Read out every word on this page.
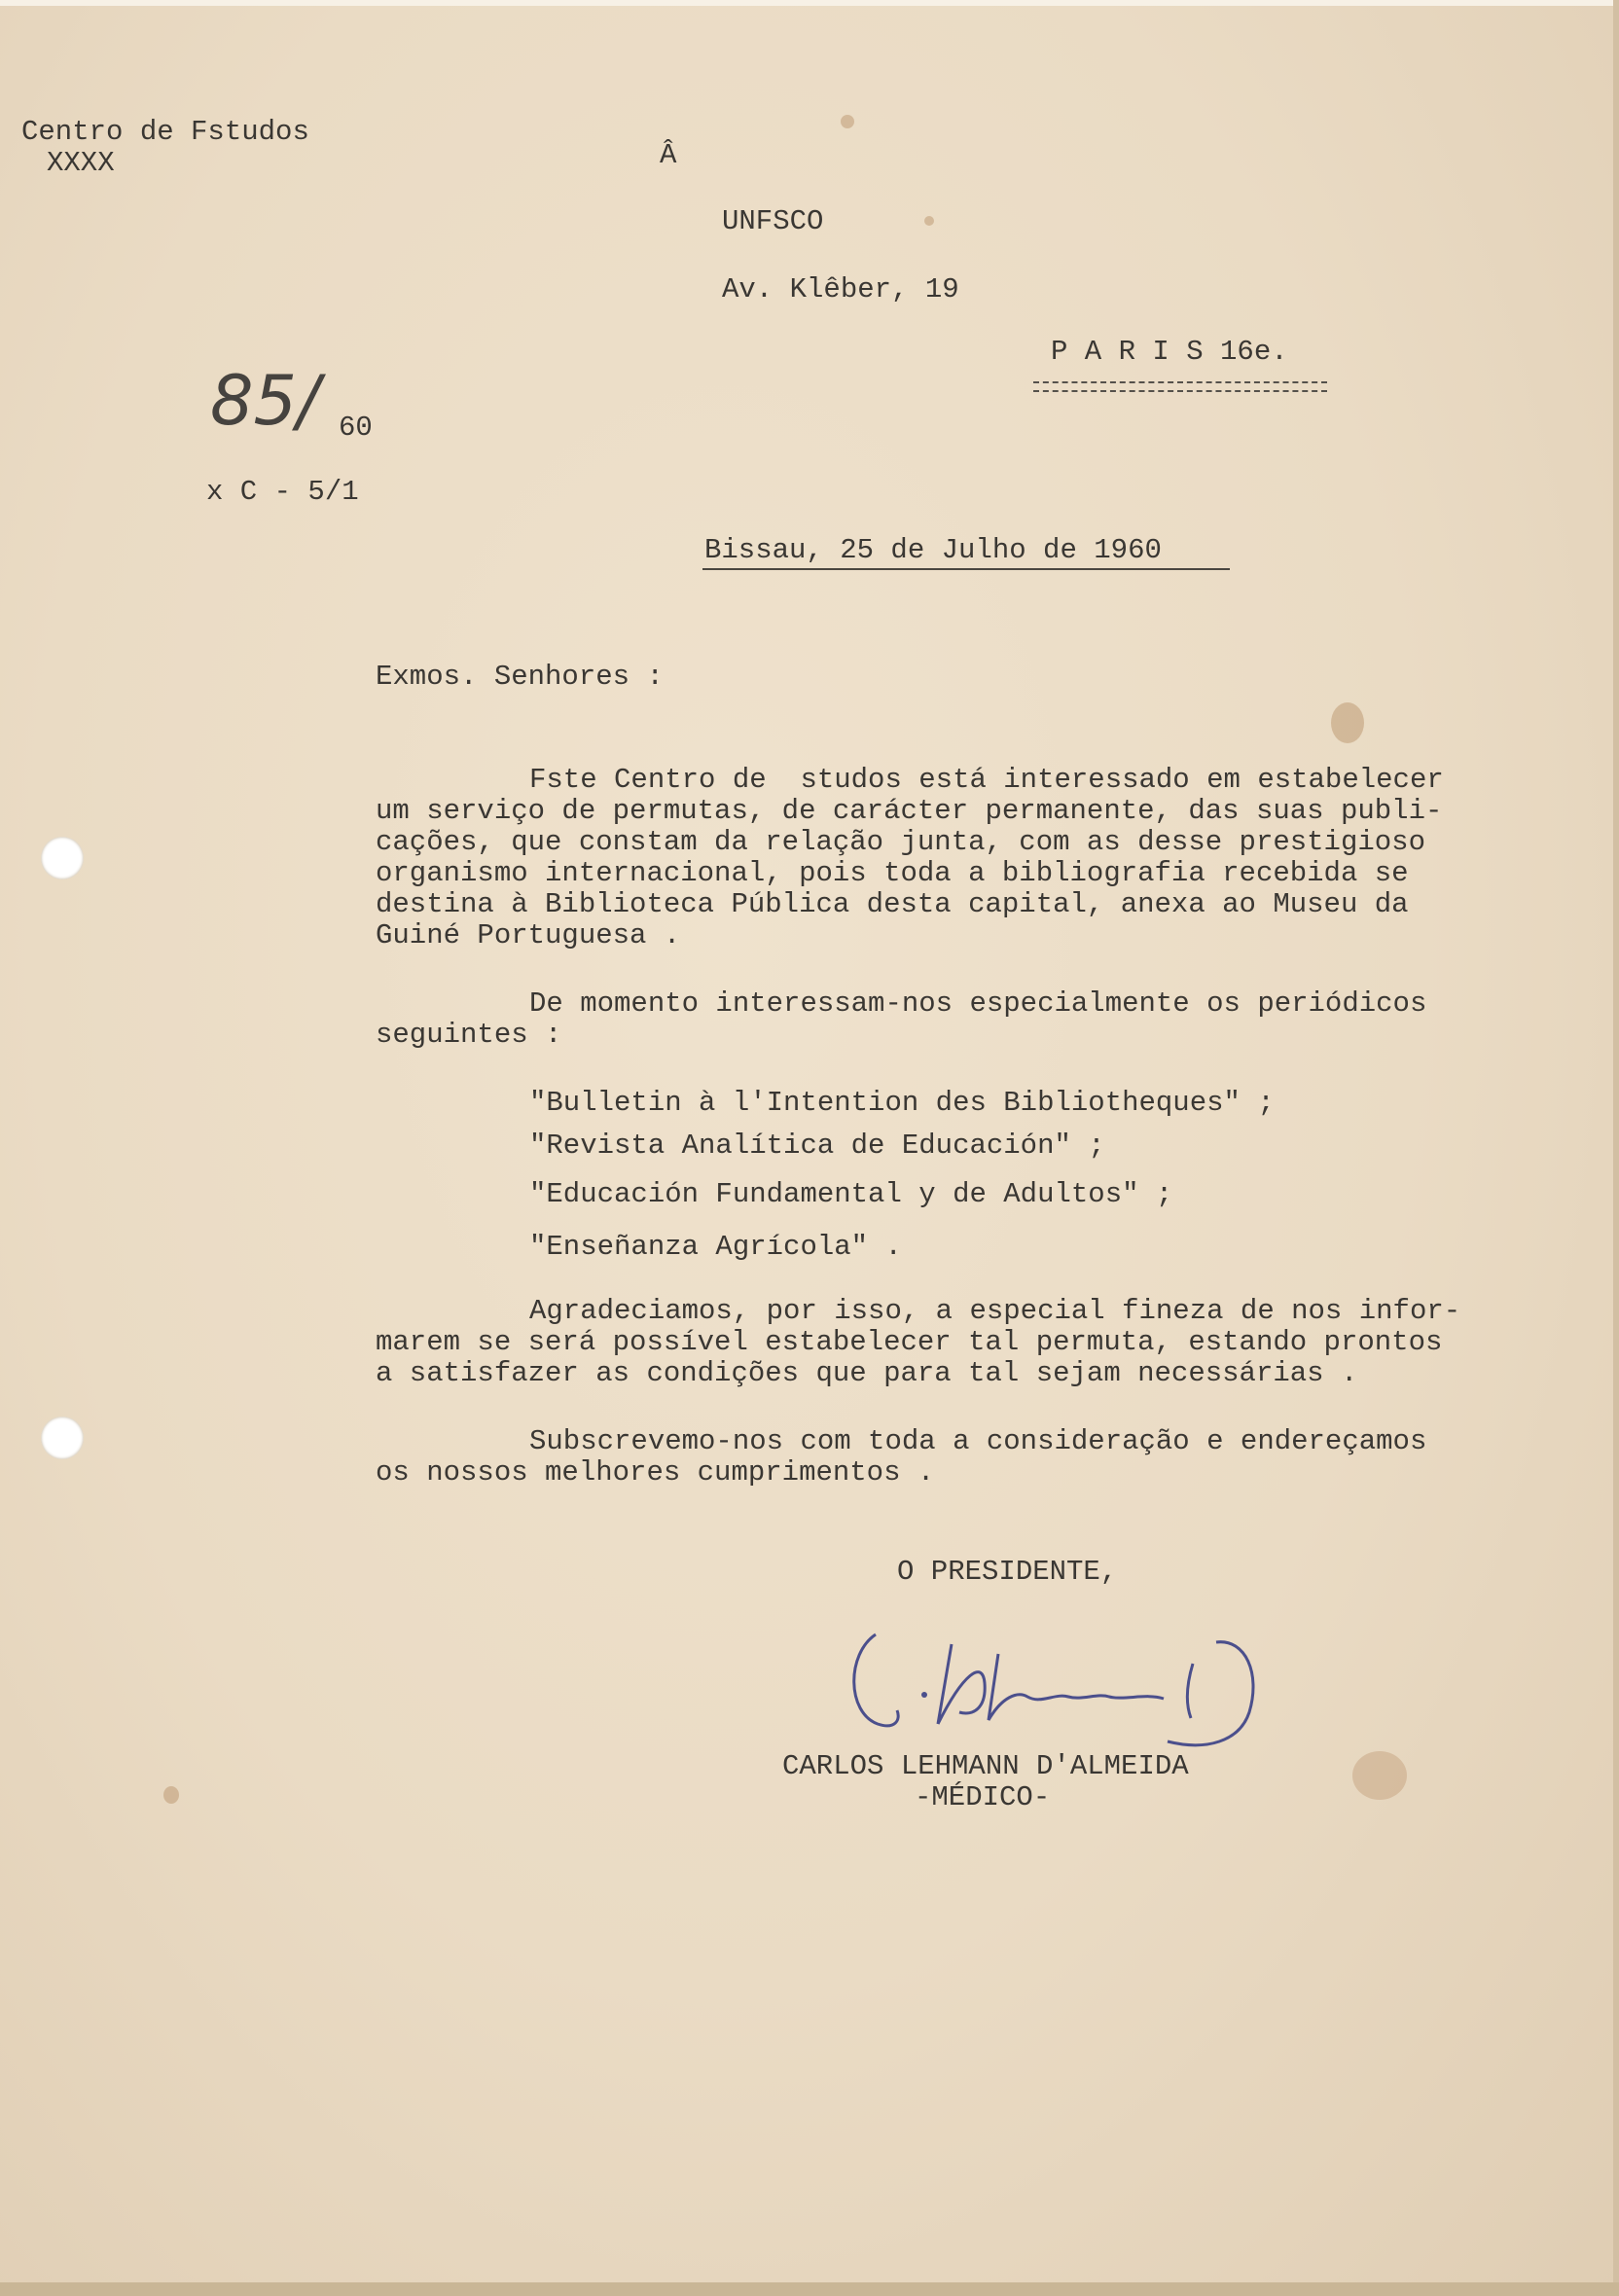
Centro de Fstudos
XXXX	Â
UNFSCO
Av. Klêber, 19
P A R I S 16e.
85/ 60
x C - 5/1
Bissau, 25 de Julho de 1960
Exmos. Senhores :
Fste Centro de  studos está interessado em estabelecer
um serviço de permutas, de carácter permanente, das suas publi-
cações, que constam da relação junta, com as desse prestigioso
organismo internacional, pois toda a bibliografia recebida se
destina à Biblioteca Pública desta capital, anexa ao Museu da
Guiné Portuguesa .
De momento interessam-nos especialmente os periódicos
seguintes :
"Bulletin à l'Intention des Bibliotheques" ;
"Revista Analítica de Educación" ;
"Educación Fundamental y de Adultos" ;
"Enseñanza Agrícola" .
Agradeciamos, por isso, a especial fineza de nos infor-
marem se será possível estabelecer tal permuta, estando prontos
a satisfazer as condições que para tal sejam necessárias .
Subscrevemo-nos com toda a consideração e endereçamos
os nossos melhores cumprimentos .
O PRESIDENTE,
CARLOS LEHMANN D'ALMEIDA
-MÉDICO-
